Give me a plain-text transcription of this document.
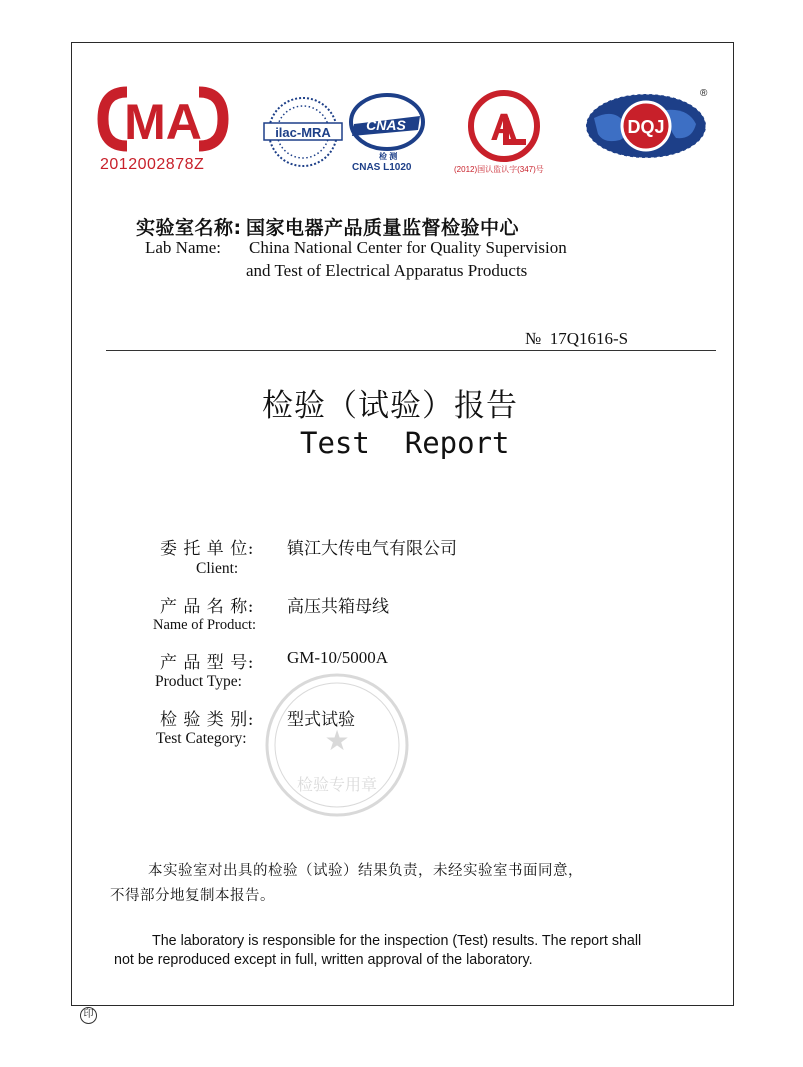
MA
2012002878Z
ilac-MRA	CNAS
检 测
CNAS L1020
A
(2012)国认监认字(347)号
DQJ
®
实验室名称: 国家电器产品质量监督检验中心
Lab Name: China National Center for Quality Supervision
and Test of Electrical Apparatus Products
№ 17Q1616-S
检验（试验）报告
Test  Report
委 托 单 位: 镇江大传电气有限公司
Client:
产 品 名 称: 高压共箱母线
Name of Product:
产 品 型 号: GM-10/5000A
Product Type:
检 验 类 别: 型式试验
Test Category:	★
检验专用章
本实验室对出具的检验（试验）结果负责，未经实验室书面同意，
不得部分地复制本报告。
The laboratory is responsible for the inspection (Test) results. The report shall
not be reproduced except in full, written approval of the laboratory.
印
